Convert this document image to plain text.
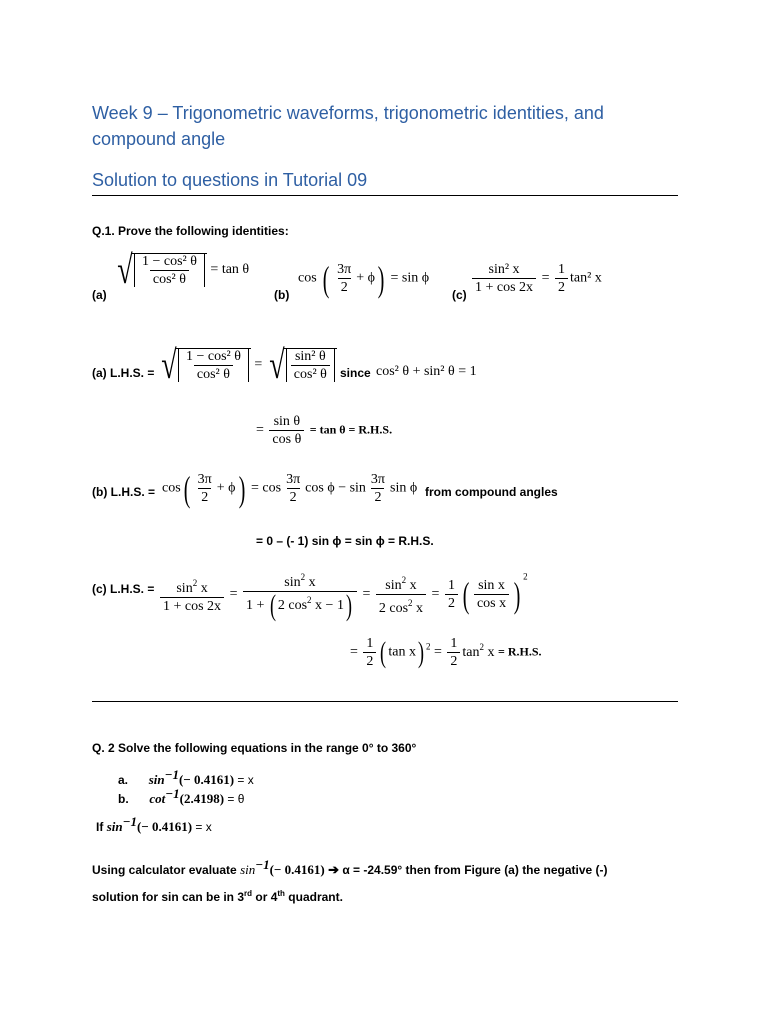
Week 9 – Trigonometric waveforms, trigonometric identities, and
compound angle
Solution to questions in Tutorial 09
Q.1. Prove the following identities:
(a)
√ $\frac{\text{1 − cos² θ}}{\text{cos² θ}} = \tan \theta$
(b)
cos ( $\frac{3\pi}{2} + \phi) = \sin \phi$
$(c) \frac{\text{sin² x}}{1 + \cos 2x} = \frac{1}{2} \tan^2$ x
(a) L.H.S. = √ $\frac{\text{1 − cos² θ}}{\text{cos² θ}}$ = √ $\frac{\text{sin² θ}}{\text{cos² θ}}$ since cos² θ + sin² θ = 1
= $\frac{\text{sin θ}}{\text{cos θ}} = \tan \theta = R.H.S$.
(b) L.H.S. = $\cos( \frac{3\pi}{2} + \phi) = \cos \frac{3\pi}{2}$ $\cos \phi - \sin \frac{3\pi}{2}$ sin ϕ from compound angles
= 0 – (- 1) sin ϕ = sin ϕ = R.H.S.
(c) L.H.S. = $\frac{\sin^2 x}{1 + \cos 2x} = \frac{\sin^2 x}{1 + ( 2 \cos^2 x - 1)} = \frac{\sin^2 x}{2 \cos^2 x} = \frac{1}{2}$ ( $\frac{\text{sin x}}{\text{cos x}}$ ) $^2$
= $\frac{1}{2}$ ( tan x) $^2 = \frac{1}{2} \tan^2 x = R.H.S$.
Q. 2 Solve the following equations in the range 0° to 360°
a. sin−1(− 0.4161) = x
b. cot−1(2.4198) = θ
If sin−1(− 0.4161) = x
Using calculator evaluate sin−1(− 0.4161) ➔ α = -24.59° then from Figure (a) the negative (-)
solution for sin can be in 3rd or 4th quadrant.
